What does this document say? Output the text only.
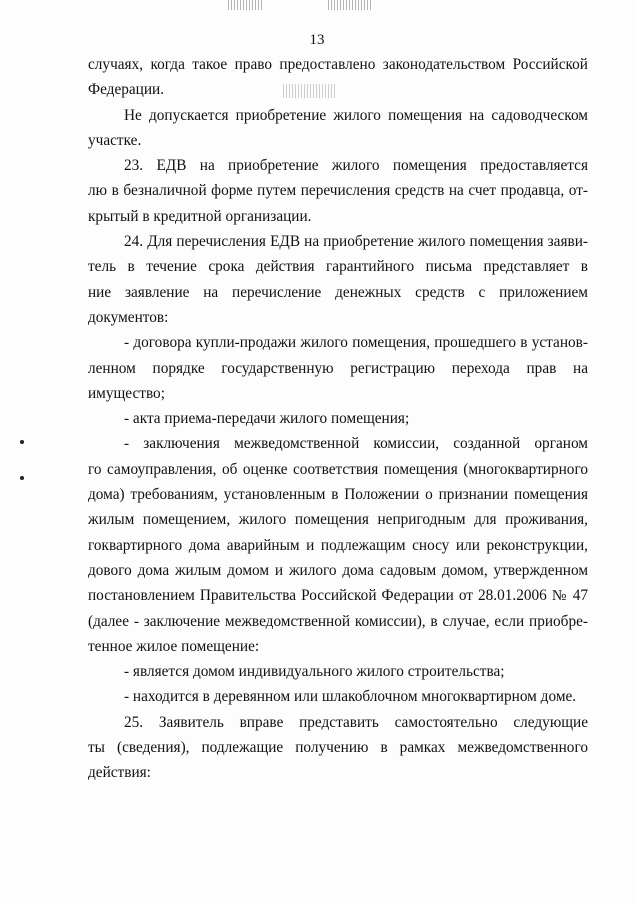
13
случаях, когда такое право предоставлено законодательством Российской
Федерации.
Не допускается приобретение жилого помещения на садоводческом
участке.
23. ЕДВ на приобретение жилого помещения предоставляется
лю в безналичной форме путем перечисления средств на счет продавца, от-
крытый в кредитной организации.
24. Для перечисления ЕДВ на приобретение жилого помещения заяви-
тель в течение срока действия гарантийного письма представляет в
ние заявление на перечисление денежных средств с приложением
документов:
- договора купли-продажи жилого помещения, прошедшего в установ-
ленном порядке государственную регистрацию перехода прав на
имущество;
- акта приема-передачи жилого помещения;
- заключения межведомственной комиссии, созданной органом
го самоуправления, об оценке соответствия помещения (многоквартирного
дома) требованиям, установленным в Положении о признании помещения
жилым помещением, жилого помещения непригодным для проживания,
гоквартирного дома аварийным и подлежащим сносу или реконструкции,
дового дома жилым домом и жилого дома садовым домом, утвержденном
постановлением Правительства Российской Федерации от 28.01.2006 № 47
(далее - заключение межведомственной комиссии), в случае, если приобре-
тенное жилое помещение:
- является домом индивидуального жилого строительства;
- находится в деревянном или шлакоблочном многоквартирном доме.
25. Заявитель вправе представить самостоятельно следующие
ты (сведения), подлежащие получению в рамках межведомственного
действия:
